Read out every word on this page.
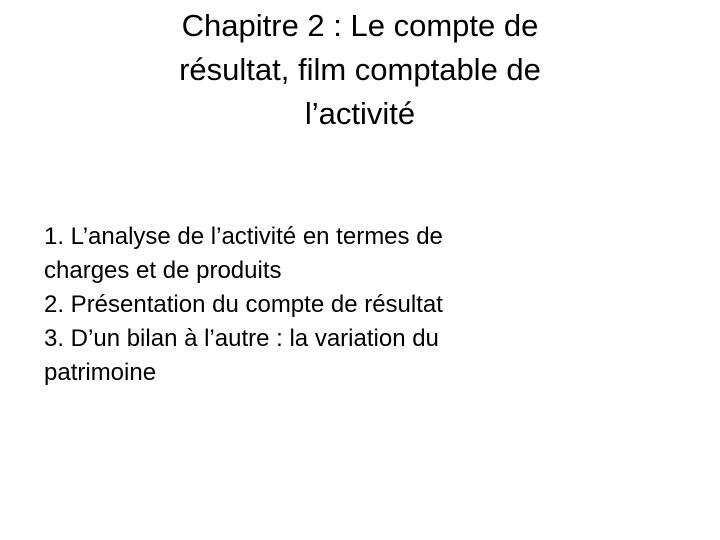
Chapitre 2 : Le compte de
résultat, film comptable de
l’activité
1. L’analyse de l’activité en termes de
charges et de produits
2. Présentation du compte de résultat
3. D’un bilan à l’autre : la variation du
patrimoine
